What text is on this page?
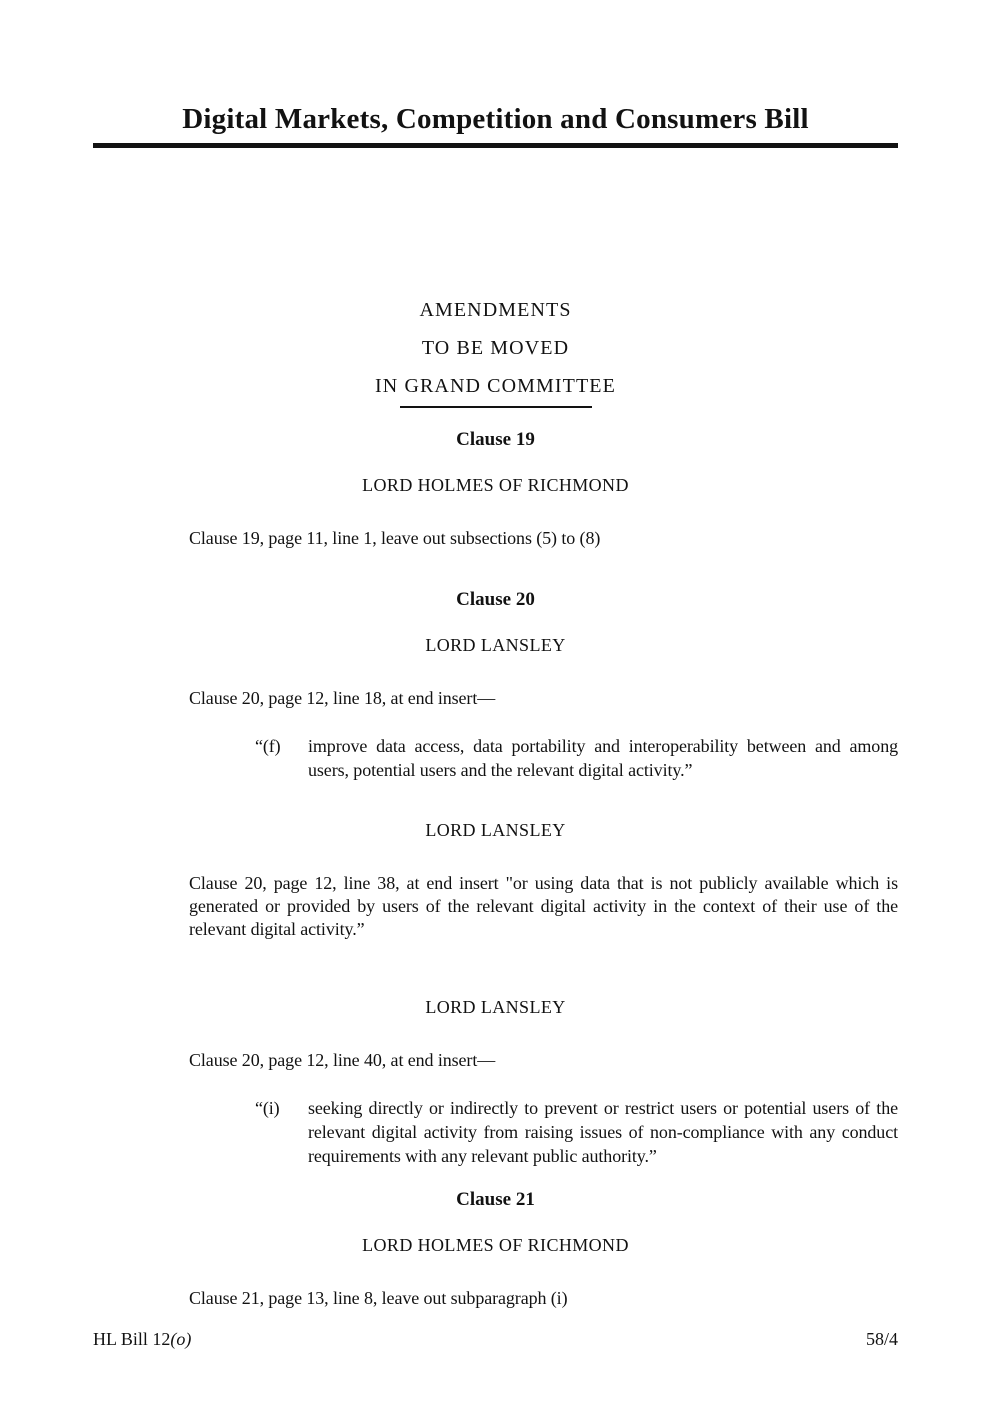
Digital Markets, Competition and Consumers Bill
AMENDMENTS
TO BE MOVED
IN GRAND COMMITTEE
Clause 19
LORD HOLMES OF RICHMOND

Clause 19, page 11, line 1, leave out subsections (5) to (8)

Clause 20
LORD LANSLEY

Clause 20, page 12, line 18, at end insert—

“(f)	improve data access, data portability and interoperability between and among users, potential users and the relevant digital activity.”
LORD LANSLEY

Clause 20, page 12, line 38, at end insert "or using data that is not publicly available which is generated or provided by users of the relevant digital activity in the context of their use of the relevant digital activity.”

LORD LANSLEY

Clause 20, page 12, line 40, at end insert—

“(i)	seeking directly or indirectly to prevent or restrict users or potential users of the relevant digital activity from raising issues of non-compliance with any conduct requirements with any relevant public authority.”
Clause 21
LORD HOLMES OF RICHMOND

Clause 21, page 13, line 8, leave out subparagraph (i)

HL Bill 12(o)	58/4
